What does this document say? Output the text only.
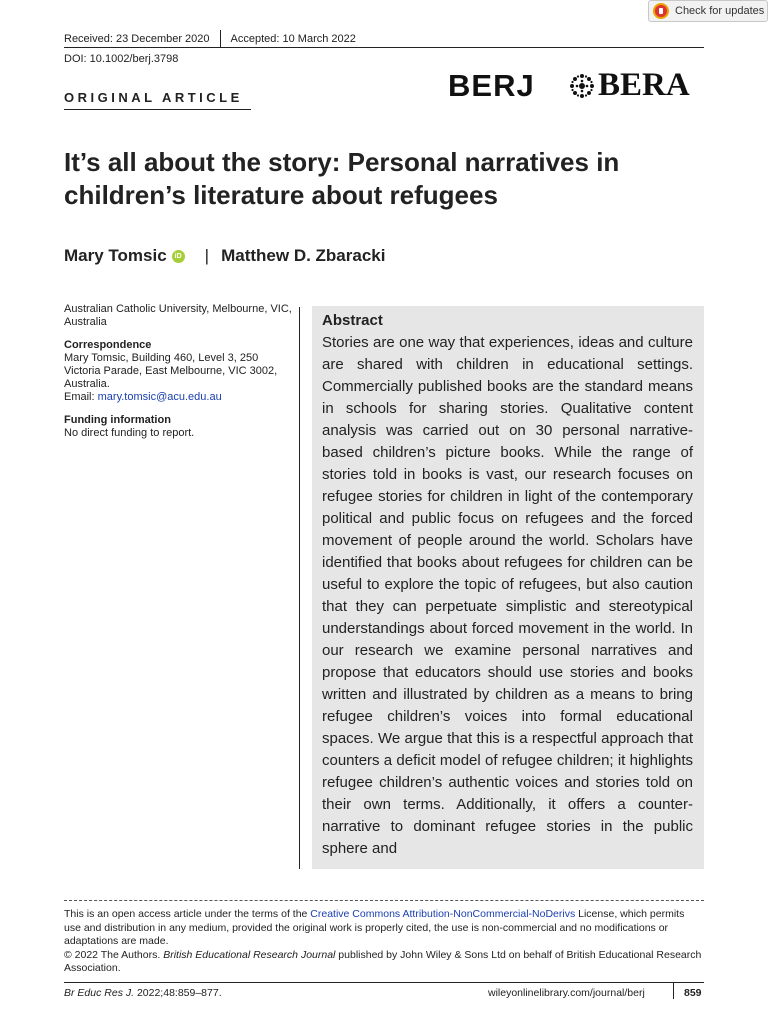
Check for updates
Received: 23 December 2020 Accepted: 10 March 2022
DOI: 10.1002/berj.3798
ORIGINAL ARTICLE	BERJ BERA
It’s all about the story: Personal narratives in children’s literature about refugees
Mary Tomsic	iD | Matthew D. Zbaracki
Australian Catholic University, Melbourne, VIC, Australia
Correspondence
Mary Tomsic, Building 460, Level 3, 250 Victoria Parade, East Melbourne, VIC 3002, Australia.
Email: mary.tomsic@acu.edu.au
Funding information
No direct funding to report.
Abstract
Stories are one way that experiences, ideas and culture are shared with children in educational settings. Commercially published books are the standard means in schools for sharing stories. Qualitative content analysis was carried out on 30 personal narrative-based children’s picture books. While the range of stories told in books is vast, our research focuses on refugee stories for children in light of the contemporary political and public focus on refugees and the forced movement of people around the world. Scholars have identified that books about refugees for children can be useful to explore the topic of refugees, but also caution that they can perpetuate simplistic and stereotypical understandings about forced movement in the world. In our research we examine personal narratives and propose that educators should use stories and books written and illustrated by children as a means to bring refugee children’s voices into formal educational spaces. We argue that this is a respectful approach that counters a deficit model of refugee children; it highlights refugee children’s authentic voices and stories told on their own terms. Additionally, it offers a counter-narrative to dominant refugee stories in the public sphere and
This is an open access article under the terms of the Creative Commons Attribution-NonCommercial-NoDerivs License, which permits use and distribution in any medium, provided the original work is properly cited, the use is non-commercial and no modifications or adaptations are made.
© 2022 The Authors. British Educational Research Journal published by John Wiley & Sons Ltd on behalf of British Educational Research Association.
Br Educ Res J. 2022;48:859–877.	wileyonlinelibrary.com/journal/berj	859
